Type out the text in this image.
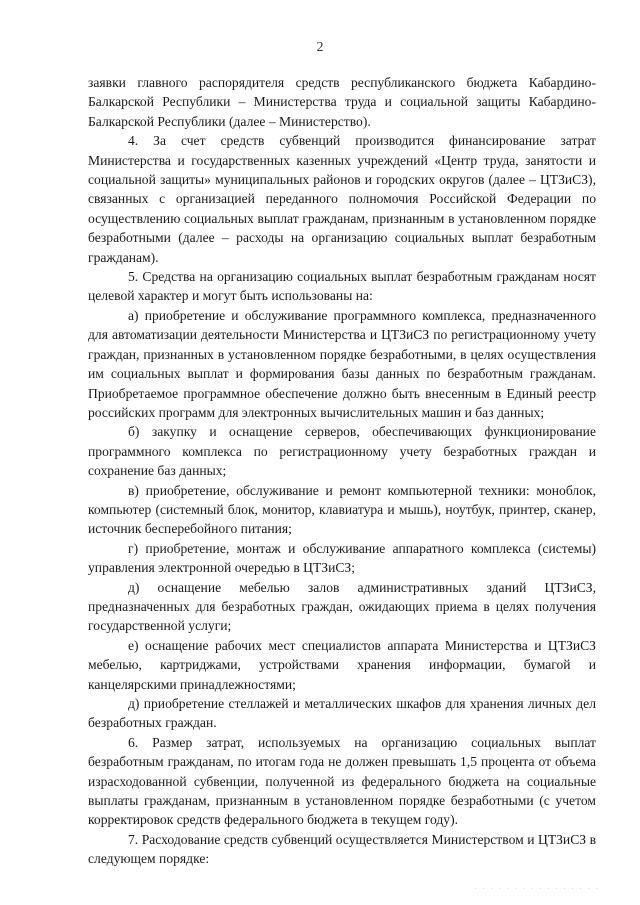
2

заявки главного распорядителя средств республиканского бюджета Кабардино-Балкарской Республики – Министерства труда и социальной защиты Кабардино-Балкарской Республики (далее – Министерство).

4. За счет средств субвенций производится финансирование затрат Министерства и государственных казенных учреждений «Центр труда, занятости и социальной защиты» муниципальных районов и городских округов (далее – ЦТЗиСЗ), связанных с организацией переданного полномочия Российской Федерации по осуществлению социальных выплат гражданам, признанным в установленном порядке безработными (далее – расходы на организацию социальных выплат безработным гражданам).

5. Средства на организацию социальных выплат безработным гражданам носят целевой характер и могут быть использованы на:

а) приобретение и обслуживание программного комплекса, предназначенного для автоматизации деятельности Министерства и ЦТЗиСЗ по регистрационному учету граждан, признанных в установленном порядке безработными, в целях осуществления им социальных выплат и формирования базы данных по безработным гражданам. Приобретаемое программное обеспечение должно быть внесенным в Единый реестр российских программ для электронных вычислительных машин и баз данных;

б) закупку и оснащение серверов, обеспечивающих функционирование программного комплекса по регистрационному учету безработных граждан и сохранение баз данных;

в) приобретение, обслуживание и ремонт компьютерной техники: моноблок, компьютер (системный блок, монитор, клавиатура и мышь), ноутбук, принтер, сканер, источник бесперебойного питания;

г) приобретение, монтаж и обслуживание аппаратного комплекса (системы) управления электронной очередью в ЦТЗиСЗ;

д) оснащение мебелью залов административных зданий ЦТЗиСЗ, предназначенных для безработных граждан, ожидающих приема в целях получения государственной услуги;

е) оснащение рабочих мест специалистов аппарата Министерства и ЦТЗиСЗ мебелью, картриджами, устройствами хранения информации, бумагой и канцелярскими принадлежностями;

д) приобретение стеллажей и металлических шкафов для хранения личных дел безработных граждан.

6. Размер затрат, используемых на организацию социальных выплат безработным гражданам, по итогам года не должен превышать 1,5 процента от объема израсходованной субвенции, полученной из федерального бюджета на социальные выплаты гражданам, признанным в установленном порядке безработными (с учетом корректировок средств федерального бюджета в текущем году).

7. Расходование средств субвенций осуществляется Министерством и ЦТЗиСЗ в следующем порядке:

· · · · · · · · · · · · · · · ·
